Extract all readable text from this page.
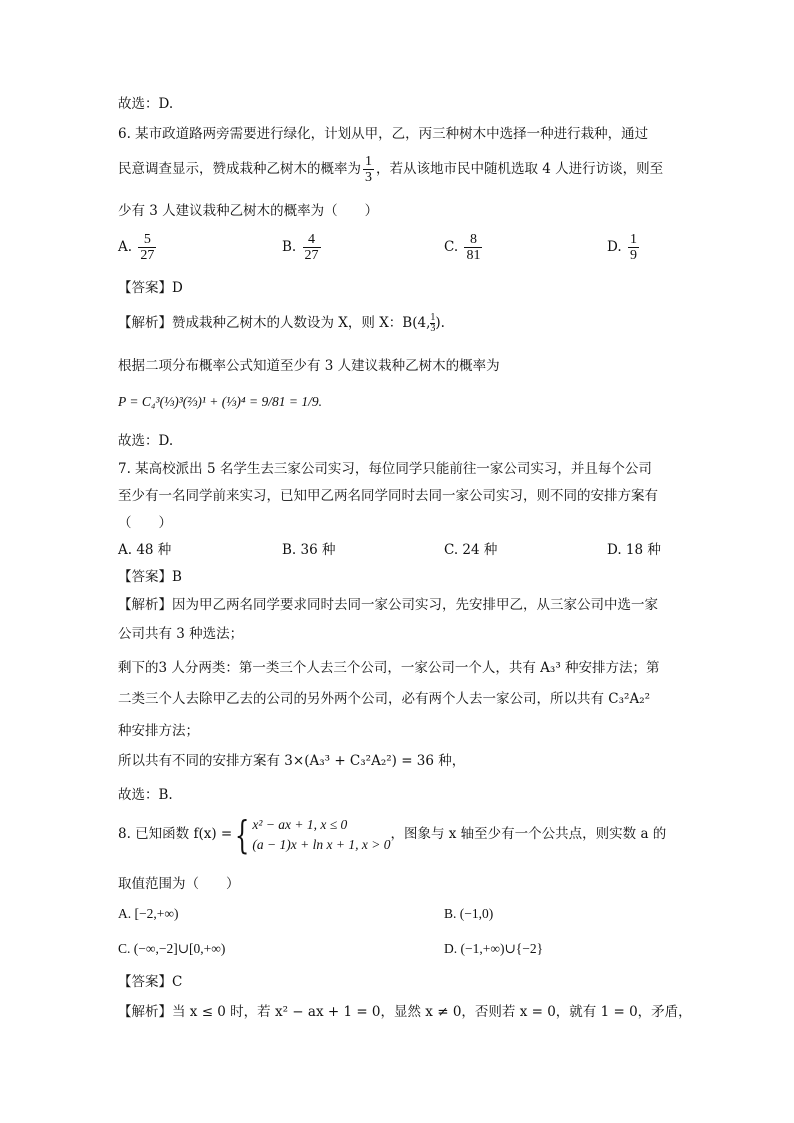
故选：D.
6. 某市政道路两旁需要进行绿化，计划从甲，乙，丙三种树木中选择一种进行栽种，通过
民意调查显示，赞成栽种乙树木的概率为 $\frac{1}{3}$ ，若从该地市民中随机选取 4 人进行访谈，则至
少有 3 人建议栽种乙树木的概率为（　　）
A. $\frac{5}{27}$	B. $\frac{4}{27}$	C. $\frac{8}{81}$	D. $\frac{1}{9}$
【答案】D
【解析】赞成栽种乙树木的人数设为 X，则 X：B(4, $\frac{1}{3}$ ).
根据二项分布概率公式知道至少有 3 人建议栽种乙树木的概率为
P = C₄³(⅓)³(⅔)¹ + (⅓)⁴ = 9/81 = 1/9.
故选：D.
7. 某高校派出 5 名学生去三家公司实习，每位同学只能前往一家公司实习，并且每个公司
至少有一名同学前来实习，已知甲乙两名同学同时去同一家公司实习，则不同的安排方案有
（　　）
A. 48 种	B. 36 种	C. 24 种	D. 18 种
【答案】B
【解析】因为甲乙两名同学要求同时去同一家公司实习，先安排甲乙，从三家公司中选一家
公司共有 3 种选法；
剩下的3 人分两类：第一类三个人去三个公司，一家公司一个人，共有 A₃³ 种安排方法；第
二类三个人去除甲乙去的公司的另外两个公司，必有两个人去一家公司，所以共有 C₃²A₂²
种安排方法；
所以共有不同的安排方案有 3×(A₃³ + C₃²A₂²) = 36 种，
故选：B.
8. 已知函数 f(x) ={ x² − ax + 1, x ≤ 0
(a − 1)x + ln x + 1, x > 0
，图象与 x 轴至少有一个公共点，则实数 a 的
取值范围为（　　）
A. [−2,+∞)	B. (−1,0)
C. (−∞,−2]∪[0,+∞)	D. (−1,+∞)∪{−2}
【答案】C
【解析】当 x ≤ 0 时，若 x² − ax + 1 = 0，显然 x ≠ 0，否则若 x = 0，就有 1 = 0，矛盾，
